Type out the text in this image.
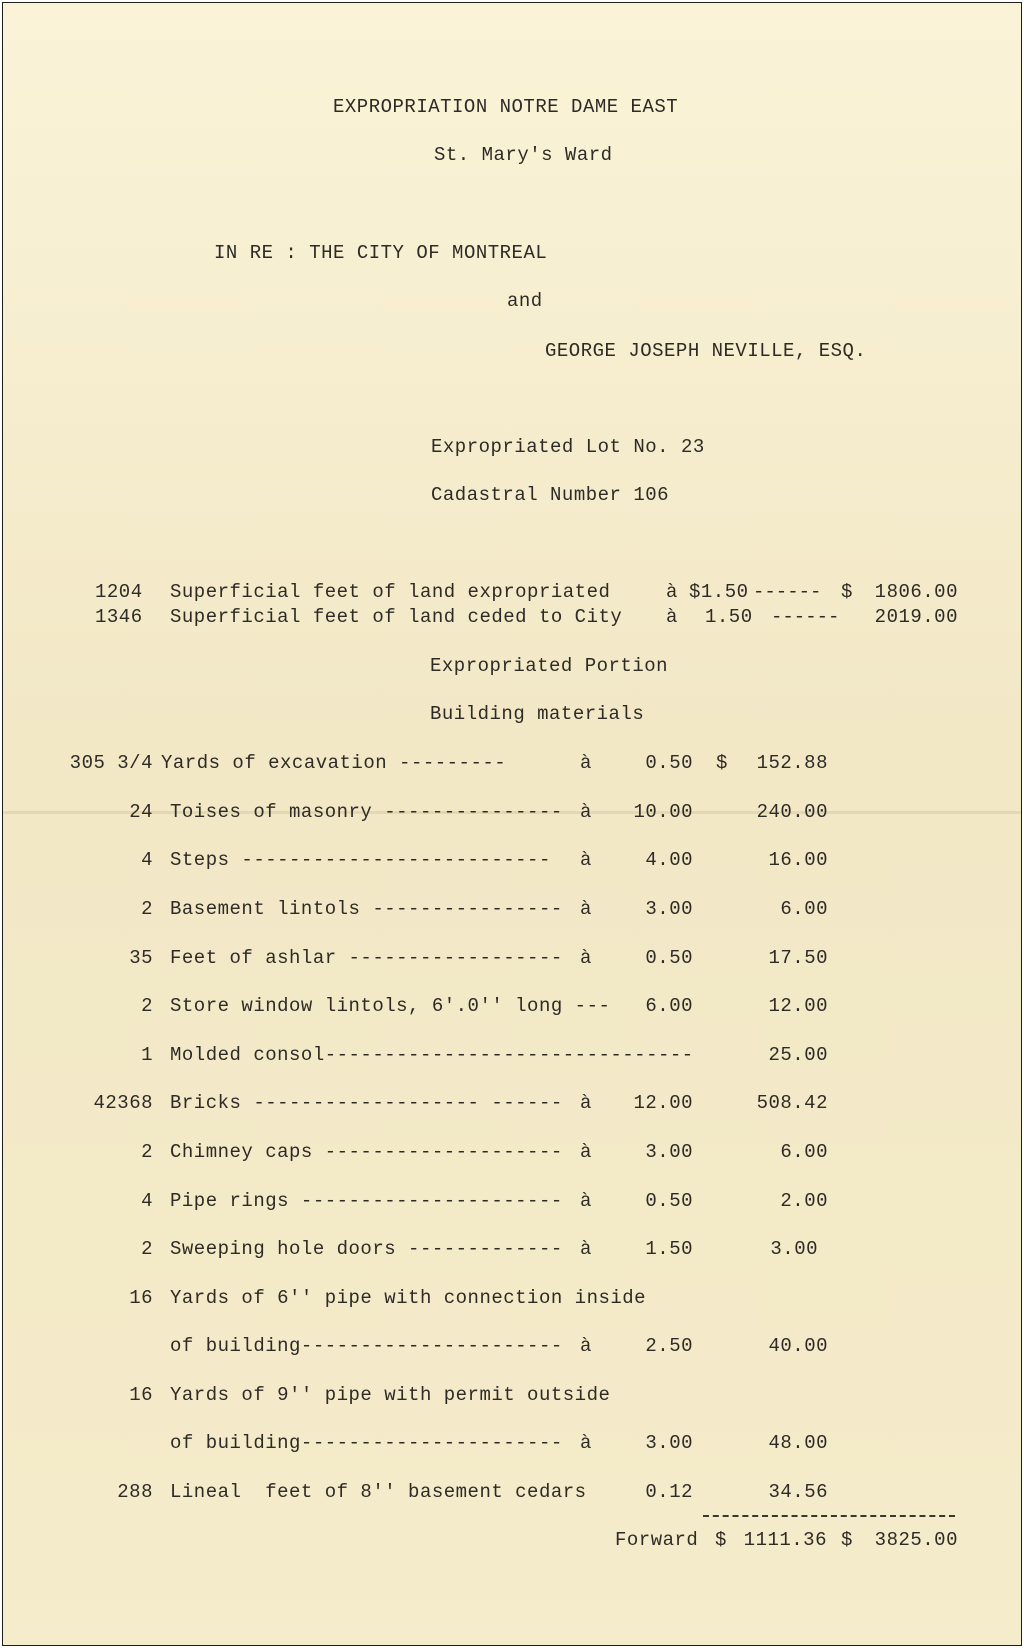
EXPROPRIATION NOTRE DAME EAST
St. Mary's Ward
IN RE : THE CITY OF MONTREAL
and
GEORGE JOSEPH NEVILLE, ESQ.
Expropriated Lot No. 23
Cadastral Number 106
1204 Superficial feet of land expropriated	à $1.50 ------ $	1806.00
1346 Superficial feet of land ceded to City à 1.50 ------	2019.00
Expropriated Portion
Building materials
305 3/4 Yards of excavation ---------	à	0.50 $	152.88
24 Toises of masonry --------------- à	10.00	240.00
4 Steps -------------------------- à	4.00	16.00
2 Basement lintols ---------------- à	3.00	6.00
35 Feet of ashlar ------------------ à	0.50	17.50
2 Store window lintols, 6'.0'' long ---	6.00	12.00
1 Molded consol-------------------------------	25.00
42368 Bricks ------------------- ------ à	12.00	508.42
2 Chimney caps -------------------- à	3.00	6.00
4 Pipe rings ---------------------- à	0.50	2.00
2 Sweeping hole doors ------------- à	1.50	3.00
16 Yards of 6'' pipe with connection inside
of building---------------------- à	2.50	40.00
16 Yards of 9'' pipe with permit outside
of building---------------------- à	3.00	48.00
288 Lineal  feet of 8'' basement cedars	0.12	34.56
Forward $ 1111.36 $	3825.00
